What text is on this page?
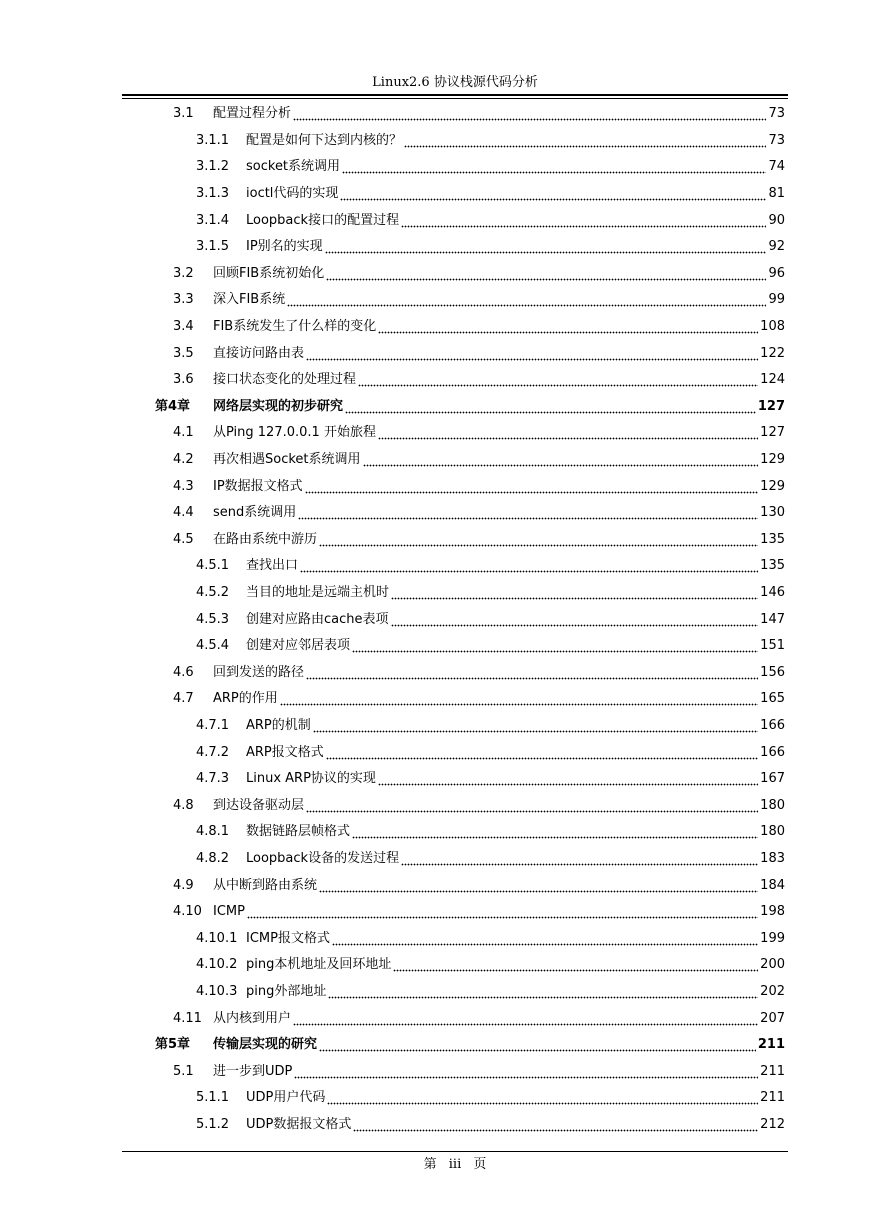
Linux2.6 协议栈源代码分析
3.1	配置过程分析	73
3.1.1	配置是如何下达到内核的？	73
3.1.2	socket系统调用	74
3.1.3	ioctl代码的实现	81
3.1.4	Loopback接口的配置过程	90
3.1.5	IP别名的实现	92
3.2	回顾FIB系统初始化	96
3.3	深入FIB系统	99
3.4	FIB系统发生了什么样的变化	108
3.5	直接访问路由表	122
3.6	接口状态变化的处理过程	124
第4章	网络层实现的初步研究	127
4.1	从Ping 127.0.0.1 开始旅程	127
4.2	再次相遇Socket系统调用	129
4.3	IP数据报文格式	129
4.4	send系统调用	130
4.5	在路由系统中游历	135
4.5.1	查找出口	135
4.5.2	当目的地址是远端主机时	146
4.5.3	创建对应路由cache表项	147
4.5.4	创建对应邻居表项	151
4.6	回到发送的路径	156
4.7	ARP的作用	165
4.7.1	ARP的机制	166
4.7.2	ARP报文格式	166
4.7.3	Linux ARP协议的实现	167
4.8	到达设备驱动层	180
4.8.1	数据链路层帧格式	180
4.8.2	Loopback设备的发送过程	183
4.9	从中断到路由系统	184
4.10 ICMP	198
4.10.1 ICMP报文格式	199
4.10.2 ping本机地址及回环地址	200
4.10.3 ping外部地址	202
4.11 从内核到用户	207
第5章	传输层实现的研究	211
5.1	进一步到UDP	211
5.1.1	UDP用户代码	211
5.1.2	UDP数据报文格式	212
第 iii 页
